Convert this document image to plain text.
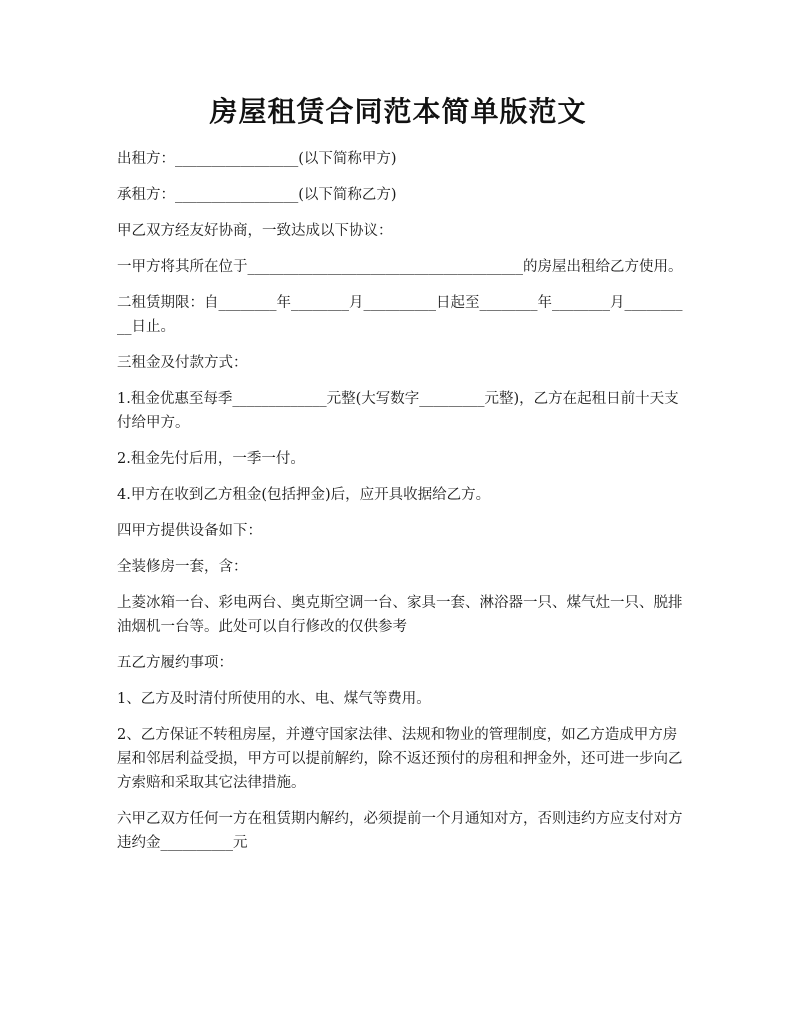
房屋租赁合同范本简单版范文

出租方：_________________(以下简称甲方)

承租方：_________________(以下简称乙方)

甲乙双方经友好协商，一致达成以下协议：

一甲方将其所在位于______________________________________的房屋出租给乙方使用。

二租赁期限：自________年________月__________日起至________年________月__________日止。

三租金及付款方式：

1.租金优惠至每季_____________元整(大写数字_________元整)，乙方在起租日前十天支付给甲方。

2.租金先付后用，一季一付。

4.甲方在收到乙方租金(包括押金)后，应开具收据给乙方。

四甲方提供设备如下：

全装修房一套，含：

上菱冰箱一台、彩电两台、奥克斯空调一台、家具一套、淋浴器一只、煤气灶一只、脱排油烟机一台等。此处可以自行修改的仅供参考

五乙方履约事项：

1、乙方及时清付所使用的水、电、煤气等费用。

2、乙方保证不转租房屋，并遵守国家法律、法规和物业的管理制度，如乙方造成甲方房屋和邻居利益受损，甲方可以提前解约，除不返还预付的房租和押金外，还可进一步向乙方索赔和采取其它法律措施。

六甲乙双方任何一方在租赁期内解约，必须提前一个月通知对方，否则违约方应支付对方违约金__________元
